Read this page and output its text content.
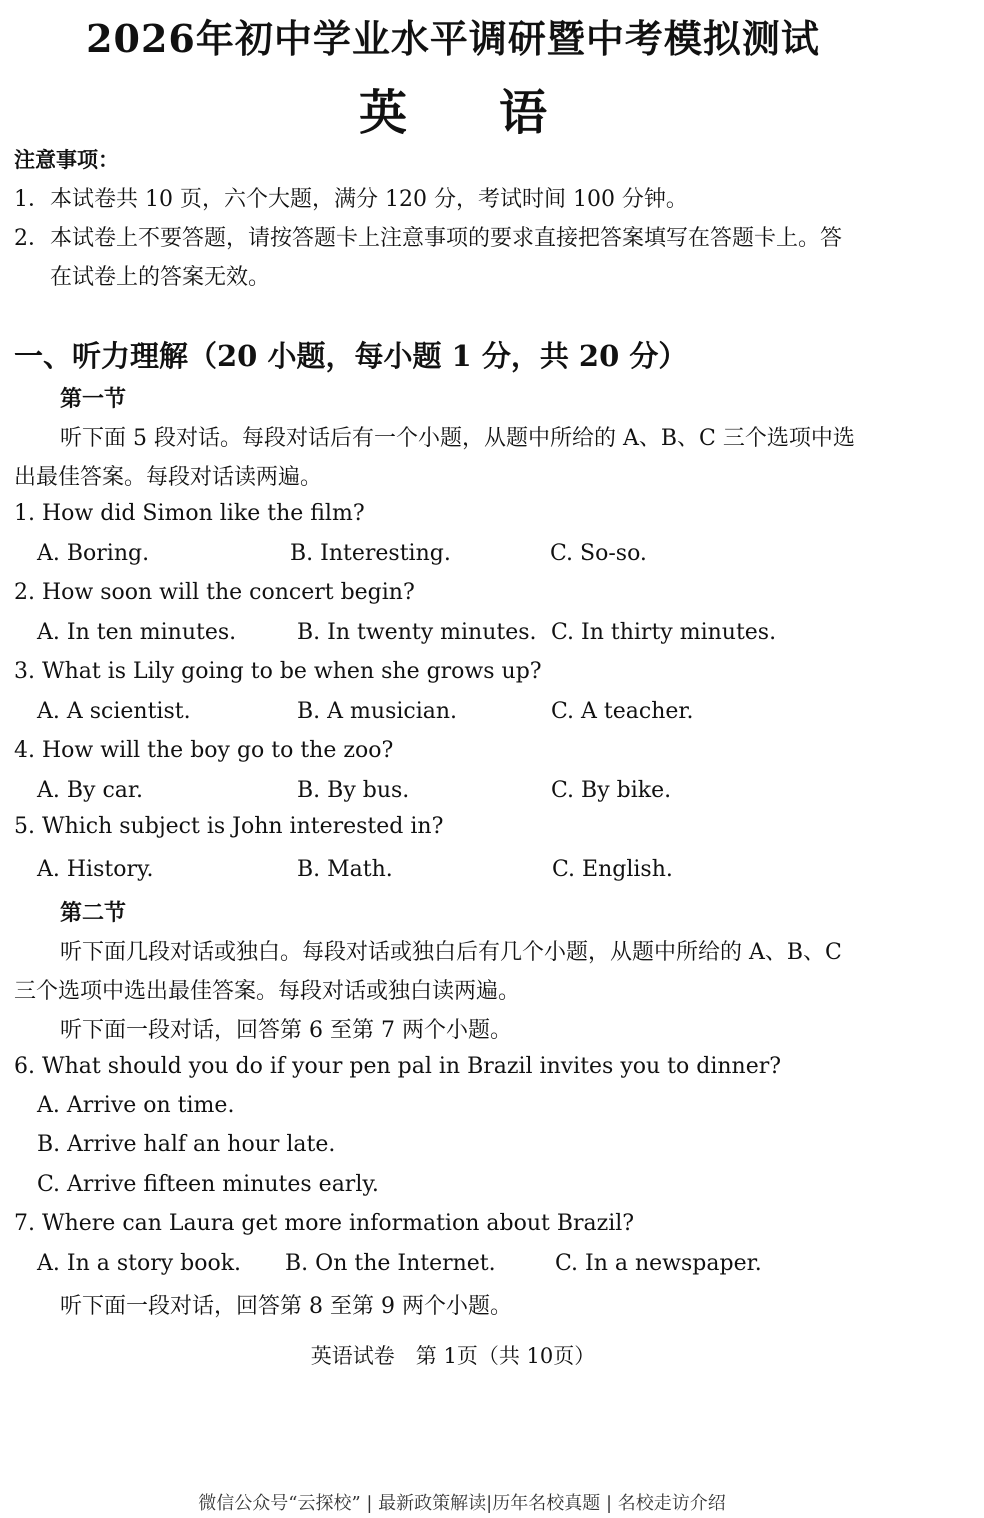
2026年初中学业水平调研暨中考模拟测试
英 语
注意事项：
1．本试卷共 10 页，六个大题，满分 120 分，考试时间 100 分钟。
2．本试卷上不要答题，请按答题卡上注意事项的要求直接把答案填写在答题卡上。答
在试卷上的答案无效。
一、听力理解（20 小题，每小题 1 分，共 20 分）
第一节
听下面 5 段对话。每段对话后有一个小题，从题中所给的 A、B、C 三个选项中选
出最佳答案。每段对话读两遍。
1. How did Simon like the film?
A. Boring.	B. Interesting.	C. So-so.
2. How soon will the concert begin?
A. In ten minutes.	B. In twenty minutes. C. In thirty minutes.
3. What is Lily going to be when she grows up?
A. A scientist.	B. A musician.	C. A teacher.
4. How will the boy go to the zoo?
A. By car.	B. By bus.	C. By bike.
5. Which subject is John interested in?
A. History.	B. Math.	C. English.
第二节
听下面几段对话或独白。每段对话或独白后有几个小题，从题中所给的 A、B、C
三个选项中选出最佳答案。每段对话或独白读两遍。
听下面一段对话，回答第 6 至第 7 两个小题。
6. What should you do if your pen pal in Brazil invites you to dinner?
A. Arrive on time.
B. Arrive half an hour late.
C. Arrive fifteen minutes early.
7. Where can Laura get more information about Brazil?
A. In a story book. B. On the Internet.	C. In a newspaper.
听下面一段对话，回答第 8 至第 9 两个小题。
英语试卷　第 1页（共 10页）
微信公众号“云探校” | 最新政策解读|历年名校真题 | 名校走访介绍
